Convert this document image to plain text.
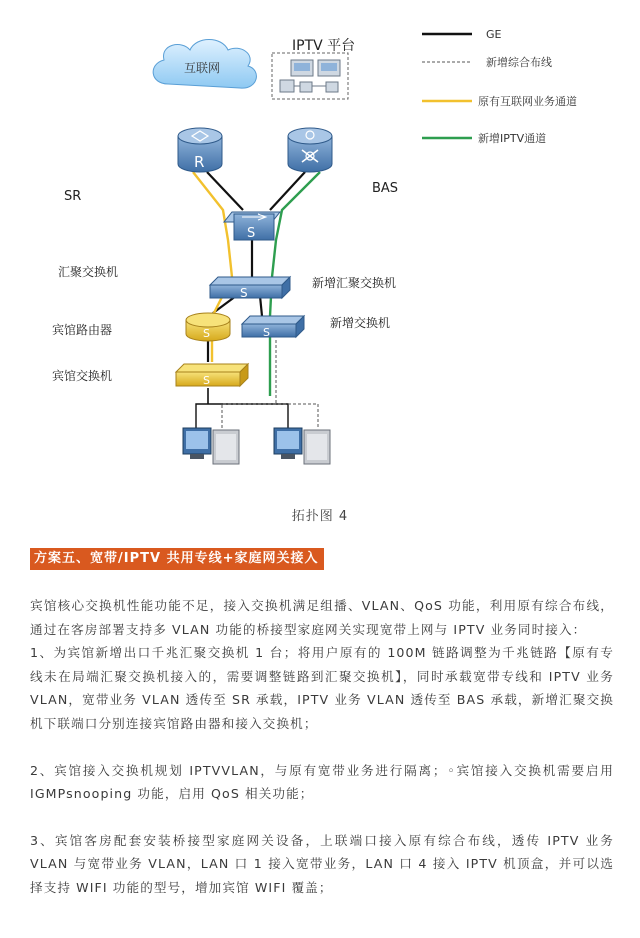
GE
新增综合布线
原有互联网业务通道
新增IPTV通道
互联网
IPTV 平台
R
SR
BAS
S
汇聚交换机
S
新增汇聚交换机
S
宾馆路由器	S
新增交换机
S
宾馆交换机
拓扑图 4
方案五、宽带/IPTV 共用专线+家庭网关接入

宾馆核心交换机性能功能不足，接入交换机满足组播、VLAN、QoS 功能，利用原有综合布线，通过在客房部署支持多 VLAN 功能的桥接型家庭网关实现宽带上网与 IPTV 业务同时接入：

1、为宾馆新增出口千兆汇聚交换机 1 台；将用户原有的 100M 链路调整为千兆链路【原有专线未在局端汇聚交换机接入的，需要调整链路到汇聚交换机】，同时承载宽带专线和 IPTV 业务 VLAN，宽带业务 VLAN 透传至 SR 承载，IPTV 业务 VLAN 透传至 BAS 承载，新增汇聚交换机下联端口分别连接宾馆路由器和接入交换机；

2、宾馆接入交换机规划 IPTVVLAN，与原有宽带业务进行隔离；◦宾馆接入交换机需要启用 IGMPsnooping 功能，启用 QoS 相关功能；

3、宾馆客房配套安装桥接型家庭网关设备，上联端口接入原有综合布线，透传 IPTV 业务 VLAN 与宽带业务 VLAN，LAN 口 1 接入宽带业务，LAN 口 4 接入 IPTV 机顶盒，并可以选择支持 WIFI 功能的型号，增加宾馆 WIFI 覆盖；
